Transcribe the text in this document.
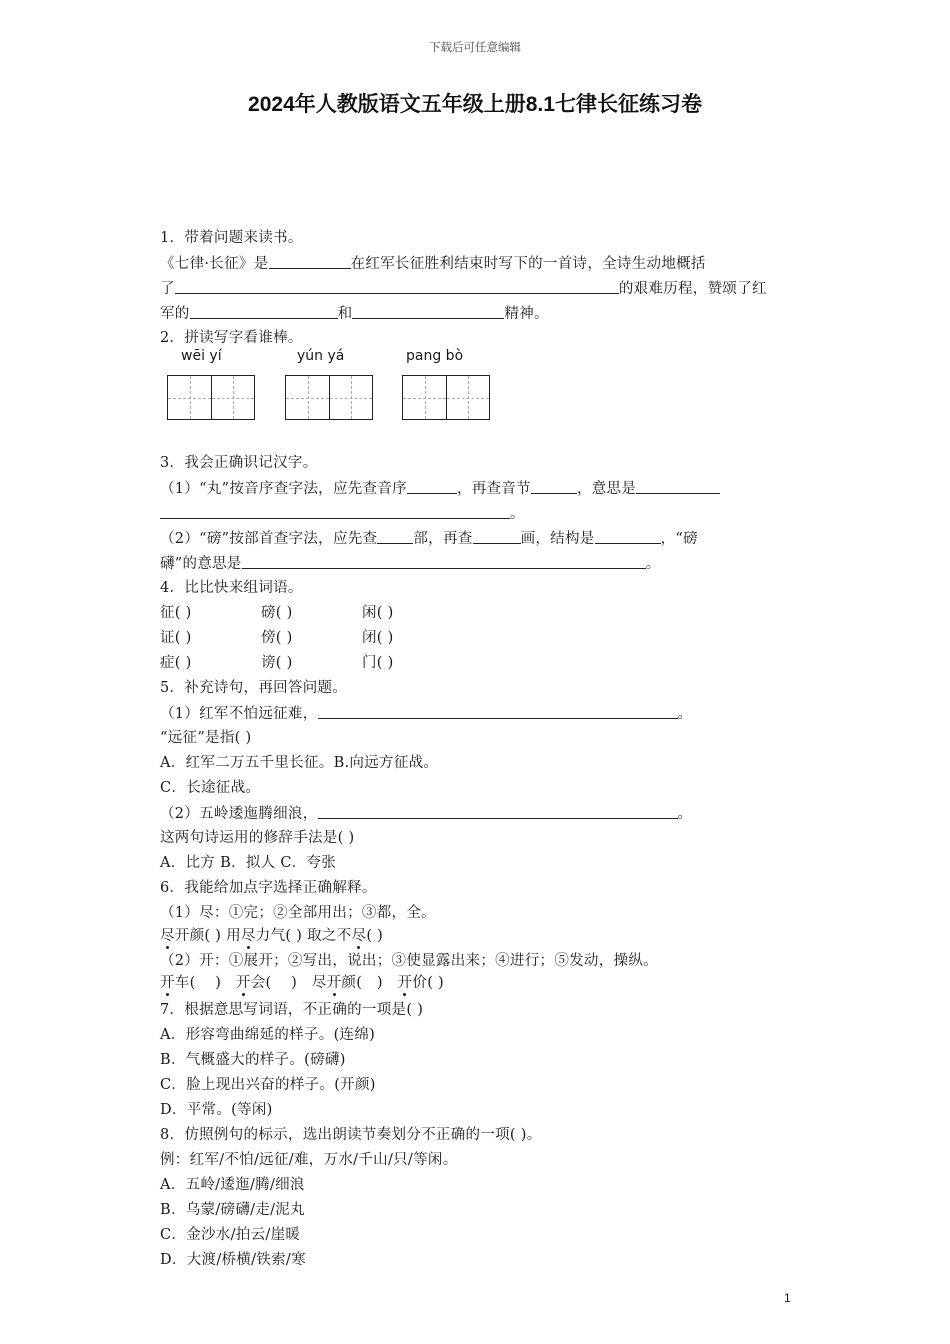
下载后可任意编辑
2024年人教版语文五年级上册8.1七律长征练习卷
1．带着问题来读书。
《七律·长征》是	在红军长征胜利结束时写下的一首诗，全诗生动地概括
了	的艰难历程，赞颂了红
军的	和	精神。
2．拼读写字看谁棒。
wēi yí	yún yá	pang bò
3．我会正确识记汉字。
（1）“丸”按音序查字法，应先查音序	，再查音节	，意思是
。
（2）“磅”按部首查字法，应先查 部，再查	画，结构是	，“磅
礴”的意思是	。
4．比比快来组词语。
征( )	磅( )	闲( )
证( )	傍( )	闭( )
症( )	谤( )	门( )
5．补充诗句，再回答问题。
（1）红军不怕远征难，	。
“远征”是指( )
A．红军二万五千里长征。B.向远方征战。
C．长途征战。
（2）五岭逶迤腾细浪，	。
这两句诗运用的修辞手法是( )
A．比方 B．拟人 C．夸张
6．我能给加点字选择正确解释。
（1）尽：①完；②全部用出；③都，全。
尽开颜( ) 用尽力气( ) 取之不尽( )
（2）开：①展开；②写出，说出；③使显露出来；④进行；⑤发动，操纵。
开车(    )   开会(    )   尽开颜(   )   开价( )
7．根据意思写词语，不正确的一项是( )
A．形容弯曲绵延的样子。(连绵)
B．气概盛大的样子。(磅礴)
C．脸上现出兴奋的样子。(开颜)
D．平常。(等闲)
8．仿照例句的标示，选出朗读节奏划分不正确的一项( )。
例：红军/不怕/远征/难，万水/千山/只/等闲。
A．五岭/逶迤/腾/细浪
B．乌蒙/磅礴/走/泥丸
C．金沙水/拍云/崖暖
D．大渡/桥横/铁索/寒
1
